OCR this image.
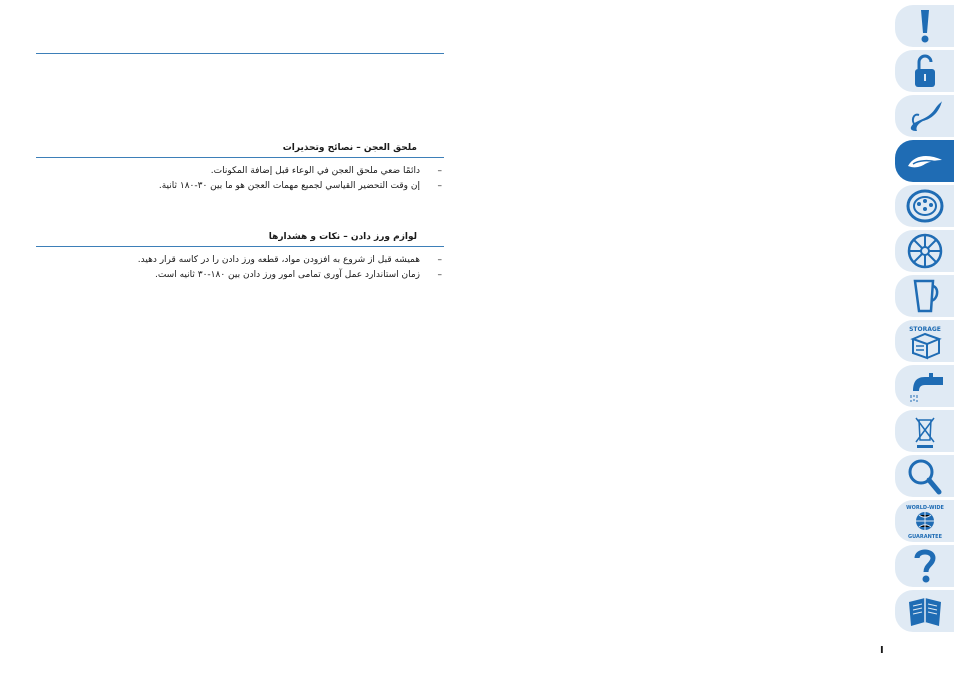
ملحق العجن – نصائح وتحذيرات

–
دائمًا ضعي ملحق العجن في الوعاء قبل إضافة المكونات.

–
إن وقت التحضير القياسي لجميع مهمات العجن هو ما بين ٣٠-١٨٠ ثانية.

لوازم ورز دادن – نکات و هشدارها

–
همیشه قبل از شروع به افزودن مواد، قطعه ورز دادن را در کاسه قرار دهید.

–
زمان استاندارد عمل آوری تمامی امور ورز دادن بین ۱۸۰-۳۰ ثانیه است.

STORAGE
WORLD-WIDE
GUARANTEE
I
